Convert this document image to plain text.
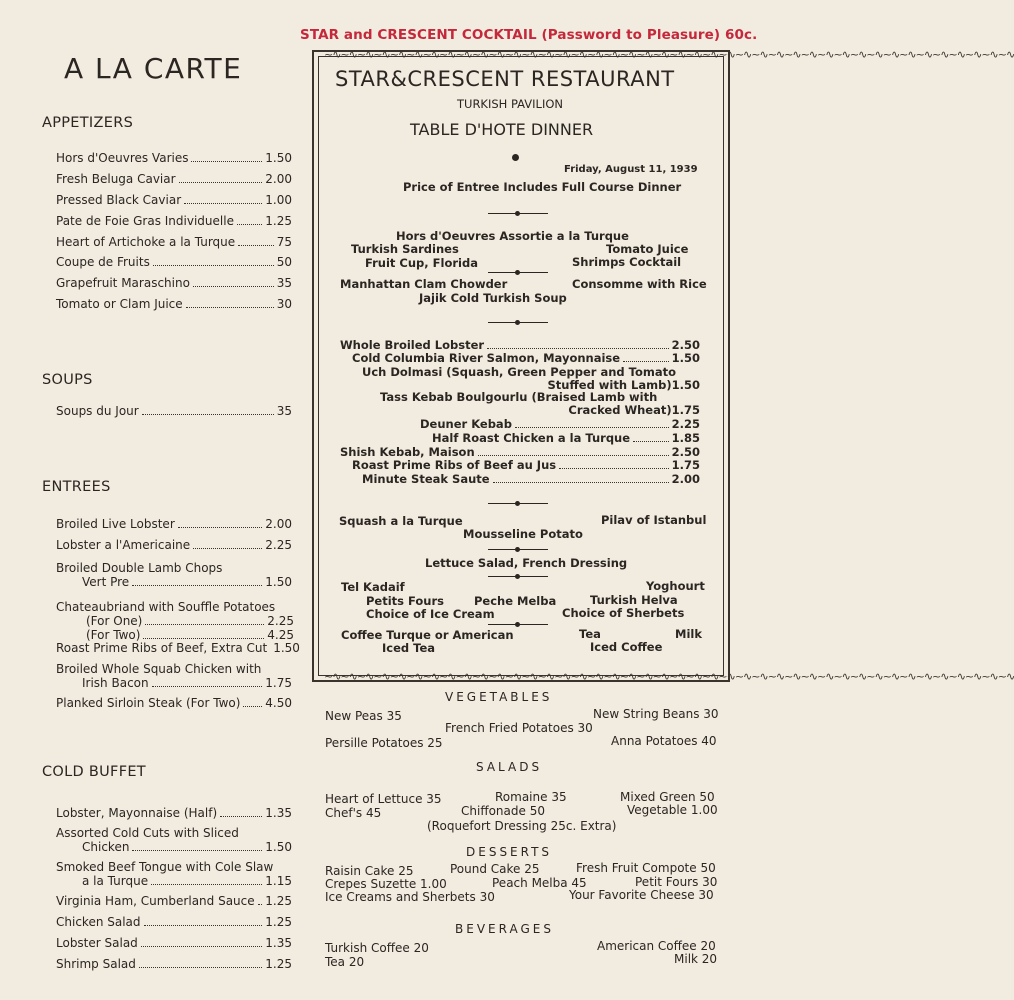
STAR and CRESCENT COCKTAIL (Password to Pleasure) 60c.
A LA CARTE
APPETIZERS
Hors d'Oeuvres Varies	1.50
Fresh Beluga Caviar	2.00
Pressed Black Caviar	1.00
Pate de Foie Gras Individuelle	1.25
Heart of Artichoke a la Turque	75
Coupe de Fruits	50
Grapefruit Maraschino	35
Tomato or Clam Juice	30
SOUPS
Soups du Jour	35
ENTREES
Broiled Live Lobster	2.00
Lobster a l'Americaine	2.25
Broiled Double Lamb Chops
Vert Pre	1.50
Chateaubriand with Souffle Potatoes
(For One)	2.25
(For Two)	4.25
Roast Prime Ribs of Beef, Extra Cut 1.50
Broiled Whole Squab Chicken with
Irish Bacon	1.75
Planked Sirloin Steak (For Two) 4.50
COLD BUFFET
Lobster, Mayonnaise (Half)	1.35
Assorted Cold Cuts with Sliced
Chicken	1.50
Smoked Beef Tongue with Cole Slaw
a la Turque	1.15
Virginia Ham, Cumberland Sauce 1.25
Chicken Salad	1.25
Lobster Salad	1.35
Shrimp Salad	1.25
~∿~∿~∿~∿~∿~∿~∿~∿~∿~∿~∿~∿~∿~∿~∿~∿~∿~∿~∿~∿~∿~∿~∿~∿~∿~∿~∿~∿~∿~∿~∿~∿~∿~∿~∿~∿~∿~∿~∿~∿~∿~∿
~∿~∿~∿~∿~∿~∿~∿~∿~∿~∿~∿~∿~∿~∿~∿~∿~∿~∿~∿~∿~∿~∿~∿~∿~∿~∿~∿~∿~∿~∿~∿~∿~∿~∿~∿~∿~∿~∿~∿~∿~∿~∿
STAR&CRESCENT RESTAURANT
TURKISH PAVILION
TABLE D'HOTE DINNER
Friday, August 11, 1939
Price of Entree Includes Full Course Dinner
Hors d'Oeuvres Assortie a la Turque
Turkish Sardines	Tomato Juice
Fruit Cup, Florida	Shrimps Cocktail
Manhattan Clam Chowder	Consomme with Rice
Jajik Cold Turkish Soup
Whole Broiled Lobster	2.50
Cold Columbia River Salmon, Mayonnaise	1.50
Uch Dolmasi (Squash, Green Pepper and Tomato
Stuffed with Lamb) 1.50
Tass Kebab Boulgourlu (Braised Lamb with
Cracked Wheat) 1.75
Deuner Kebab	2.25
Half Roast Chicken a la Turque	1.85
Shish Kebab, Maison	2.50
Roast Prime Ribs of Beef au Jus	1.75
Minute Steak Saute	2.00
Squash a la Turque	Pilav of Istanbul
Mousseline Potato
Lettuce Salad, French Dressing
Tel Kadaif	Yoghourt
Petits Fours	Peche Melba	Turkish Helva
Choice of Ice Cream	Choice of Sherbets
Coffee Turque or American	Tea	Milk
Iced Tea	Iced Coffee
VEGETABLES
New Peas 35	New String Beans 30
French Fried Potatoes 30
Persille Potatoes 25	Anna Potatoes 40
SALADS
Heart of Lettuce 35	Romaine 35	Mixed Green 50
Chef's 45	Chiffonade 50	Vegetable 1.00
(Roquefort Dressing 25c. Extra)
DESSERTS
Raisin Cake 25	Pound Cake 25	Fresh Fruit Compote 50
Crepes Suzette 1.00	Peach Melba 45	Petit Fours 30
Ice Creams and Sherbets 30	Your Favorite Cheese 30
BEVERAGES
Turkish Coffee 20	American Coffee 20
Tea 20	Milk 20
